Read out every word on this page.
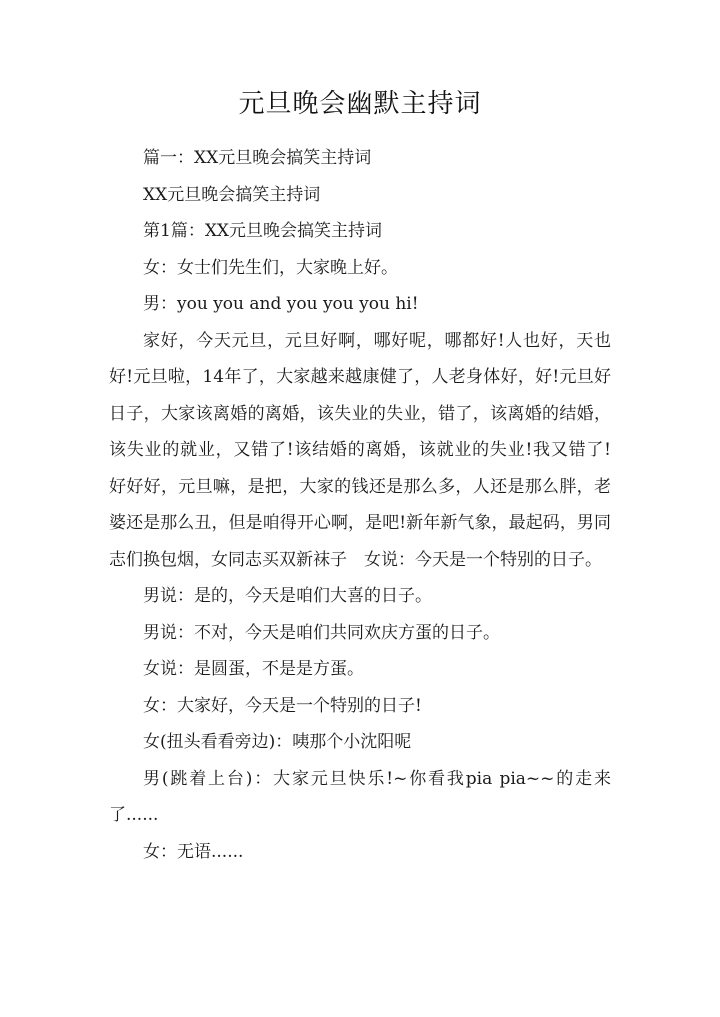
元旦晚会幽默主持词

篇一：XX元旦晚会搞笑主持词

XX元旦晚会搞笑主持词

第1篇：XX元旦晚会搞笑主持词

女：女士们先生们，大家晚上好。

男：you you and you you you hi!

家好，今天元旦，元旦好啊，哪好呢，哪都好!人也好，天也好!元旦啦，14年了，大家越来越康健了，人老身体好，好!元旦好日子，大家该离婚的离婚，该失业的失业，错了，该离婚的结婚，该失业的就业，又错了!该结婚的离婚，该就业的失业!我又错了!　好好好，元旦嘛，是把，大家的钱还是那么多，人还是那么胖，老婆还是那么丑，但是咱得开心啊，是吧!新年新气象，最起码，男同志们换包烟，女同志买双新袜子　女说：今天是一个特别的日子。

男说：是的，今天是咱们大喜的日子。

男说：不对，今天是咱们共同欢庆方蛋的日子。

女说：是圆蛋，不是是方蛋。

女：大家好，今天是一个特别的日子!

女(扭头看看旁边)：咦那个小沈阳呢

男(跳着上台)：大家元旦快乐!~你看我pia pia~~的走来了......

女：无语......
